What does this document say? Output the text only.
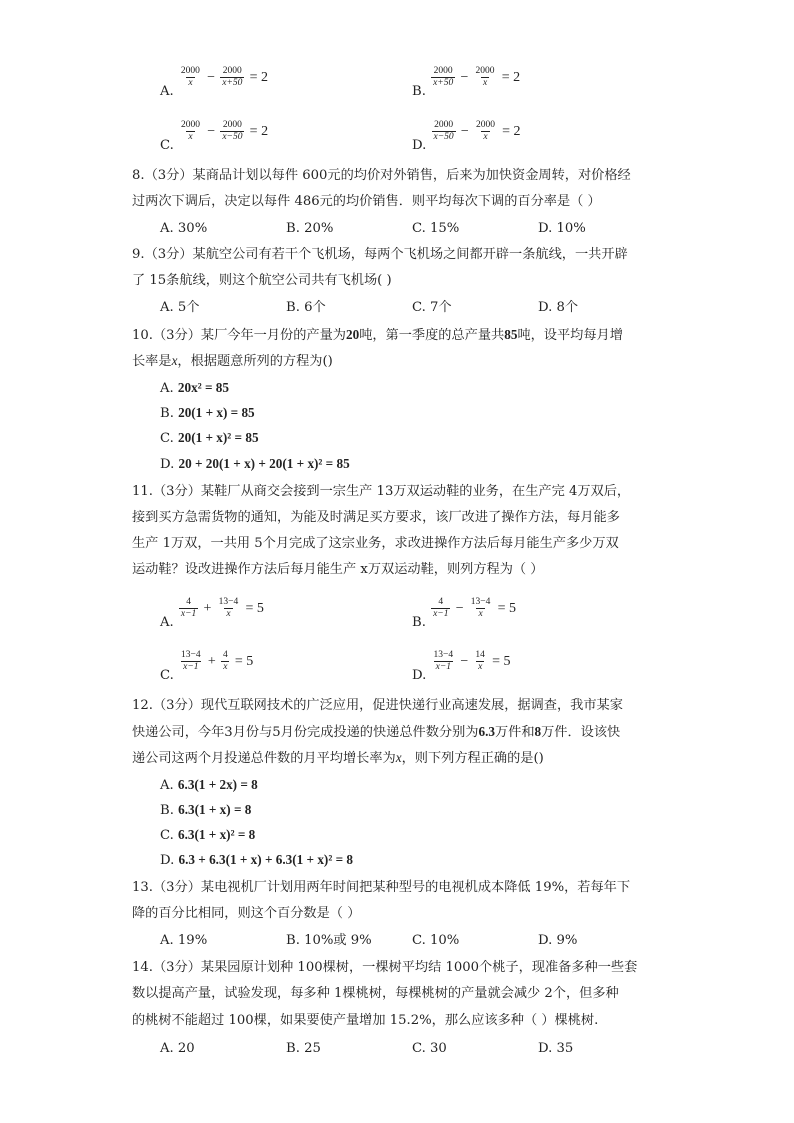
A.
$\frac{2000}{x} - \frac{2000}{x+50} = 2$
B.
$\frac{2000}{x+50} - \frac{2000}{x} = 2$
C.
$\frac{2000}{x} - \frac{2000}{x-50} = 2$
D.
$\frac{2000}{x-50} - \frac{2000}{x} = 2$
8.（3分）某商品计划以每件 600元的均价对外销售，后来为加快资金周转，对价格经
过两次下调后，决定以每件 486元的均价销售．则平均每次下调的百分率是（ ）
A. 30%	B. 20%	C. 15%	D. 10%
9.（3分）某航空公司有若干个飞机场，每两个飞机场之间都开辟一条航线，一共开辟
了 15条航线，则这个航空公司共有飞机场( )
A. 5个	B. 6个	C. 7个	D. 8个
10.（3分）某厂今年一月份的产量为20吨，第一季度的总产量共85吨，设平均每月增
长率是x，根据题意所列的方程为()
A. 20x² = 85
B. 20(1 + x) = 85
C. 20(1 + x)² = 85
D. 20 + 20(1 + x) + 20(1 + x)² = 85
11.（3分）某鞋厂从商交会接到一宗生产 13万双运动鞋的业务，在生产完 4万双后，
接到买方急需货物的通知，为能及时满足买方要求，该厂改进了操作方法，每月能多
生产 1万双，一共用 5个月完成了这宗业务，求改进操作方法后每月能生产多少万双
运动鞋？设改进操作方法后每月能生产 x万双运动鞋，则列方程为（ ）
A.
$\frac{4}{x-1} + \frac{13-4}{x} = 5$
B.
$\frac{4}{x-1} - \frac{13-4}{x} = 5$
C.
$\frac{13-4}{x-1} + \frac{4}{x} = 5$
D.
$\frac{13-4}{x-1} - \frac{14}{x} = 5$
12.（3分）现代互联网技术的广泛应用，促进快递行业高速发展，据调查，我市某家
快递公司，今年3月份与5月份完成投递的快递总件数分别为6.3万件和8万件．设该快
递公司这两个月投递总件数的月平均增长率为x，则下列方程正确的是()
A. 6.3(1 + 2x) = 8
B. 6.3(1 + x) = 8
C. 6.3(1 + x)² = 8
D. 6.3 + 6.3(1 + x) + 6.3(1 + x)² = 8
13.（3分）某电视机厂计划用两年时间把某种型号的电视机成本降低 19%，若每年下
降的百分比相同，则这个百分数是（ ）
A. 19%	B. 10%或 9%	C. 10%	D. 9%
14.（3分）某果园原计划种 100棵树，一棵树平均结 1000个桃子，现准备多种一些套
数以提高产量，试验发现，每多种 1棵桃树，每棵桃树的产量就会减少 2个，但多种
的桃树不能超过 100棵，如果要使产量增加 15.2%，那么应该多种（ ）棵桃树.
A. 20	B. 25	C. 30	D. 35
